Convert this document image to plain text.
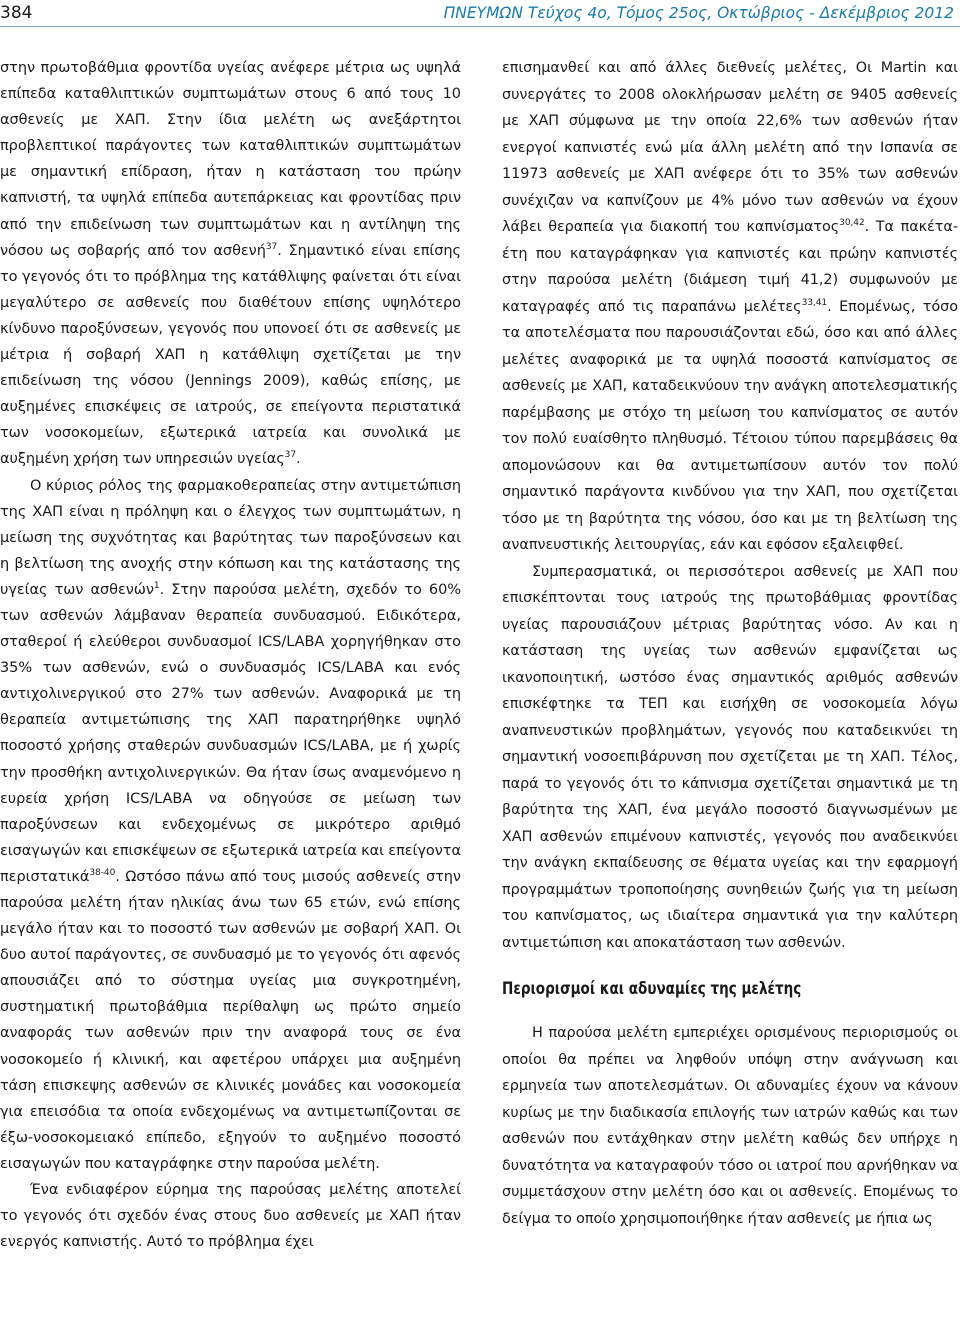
384	ΠΝΕΥΜΩΝ Τεύχος 4ο, Τόμος 25ος, Οκτώβριος - Δεκέμβριος 2012

στην πρωτοβάθμια φροντίδα υγείας ανέφερε μέτρια ως υψηλά επίπεδα καταθλιπτικών συμπτωμάτων στους 6 από τους 10 ασθενείς με ΧΑΠ. Στην ίδια μελέτη ως ανεξάρτητοι προβλεπτικοί παράγοντες των καταθλιπτικών συμπτωμάτων με σημαντική επίδραση, ήταν η κατάσταση του πρώην καπνιστή, τα υψηλά επίπεδα αυτεπάρκειας και φροντίδας πριν από την επιδείνωση των συμπτωμάτων και η αντίληψη της νόσου ως σοβαρής από τον ασθενή$^{37}$. Σημαντικό είναι επίσης το γεγονός ότι το πρόβλημα της κατάθλιψης φαίνεται ότι είναι μεγαλύτερο σε ασθενείς που διαθέτουν επίσης υψηλότερο κίνδυνο παροξύνσεων, γεγονός που υπονοεί ότι σε ασθενείς με μέτρια ή σοβαρή ΧΑΠ η κατάθλιψη σχετίζεται με την επιδείνωση της νόσου (Jennings 2009), καθώς επίσης, με αυξημένες επισκέψεις σε ιατρούς, σε επείγοντα περιστατικά των νοσοκομείων, εξωτερικά ιατρεία και συνολικά με αυξημένη χρήση των υπηρεσιών υγείας$^{37}$.

Ο κύριος ρόλος της φαρμακοθεραπείας στην αντιμετώπιση της ΧΑΠ είναι η πρόληψη και ο έλεγχος των συμπτωμάτων, η μείωση της συχνότητας και βαρύτητας των παροξύνσεων και η βελτίωση της ανοχής στην κόπωση και της κατάστασης της υγείας των ασθενών$^1$. Στην παρούσα μελέτη, σχεδόν το 60% των ασθενών λάμβαναν θεραπεία συνδυασμού. Ειδικότερα, σταθεροί ή ελεύθεροι συνδυασμοί ICS/LABA χορηγήθηκαν στο 35% των ασθενών, ενώ ο συνδυασμός ICS/LABA και ενός αντιχολινεργικού στο 27% των ασθενών. Αναφορικά με τη θεραπεία αντιμετώπισης της ΧΑΠ παρατηρήθηκε υψηλό ποσοστό χρήσης σταθερών συνδυασμών ICS/LABA, με ή χωρίς την προσθήκη αντιχολινεργικών. Θα ήταν ίσως αναμενόμενο η ευρεία χρήση ICS/LABA να οδηγούσε σε μείωση των παροξύνσεων και ενδεχομένως σε μικρότερο αριθμό εισαγωγών και επισκέψεων σε εξωτερικά ιατρεία και επείγοντα περιστατικά$^{38-40}$. Ωστόσο πάνω από τους μισούς ασθενείς στην παρούσα μελέτη ήταν ηλικίας άνω των 65 ετών, ενώ επίσης μεγάλο ήταν και το ποσοστό των ασθενών με σοβαρή ΧΑΠ. Οι δυο αυτοί παράγοντες, σε συνδυασμό με το γεγονός ότι αφενός απουσιάζει από το σύστημα υγείας μια συγκροτημένη, συστηματική πρωτοβάθμια περίθαλψη ως πρώτο σημείο αναφοράς των ασθενών πριν την αναφορά τους σε ένα νοσοκομείο ή κλινική, και αφετέρου υπάρχει μια αυξημένη τάση επισκεψης ασθενών σε κλινικές μονάδες και νοσοκομεία για επεισόδια τα οποία ενδεχομένως να αντιμετωπίζονται σε έξω-νοσοκομειακό επίπεδο, εξηγούν το αυξημένο ποσοστό εισαγωγών που καταγράφηκε στην παρούσα μελέτη.

Ένα ενδιαφέρον εύρημα της παρούσας μελέτης αποτελεί το γεγονός ότι σχεδόν ένας στους δυο ασθενείς με ΧΑΠ ήταν ενεργός καπνιστής. Αυτό το πρόβλημα έχει

επισημανθεί και από άλλες διεθνείς μελέτες, Οι Martin και συνεργάτες το 2008 ολοκλήρωσαν μελέτη σε 9405 ασθενείς με ΧΑΠ σύμφωνα με την οποία 22,6% των ασθενών ήταν ενεργοί καπνιστές ενώ μία άλλη μελέτη από την Ισπανία σε 11973 ασθενείς με ΧΑΠ ανέφερε ότι το 35% των ασθενών συνέχιζαν να καπνίζουν με 4% μόνο των ασθενών να έχουν λάβει θεραπεία για διακοπή του καπνίσματος$^{30,42}$. Τα πακέτα-έτη που καταγράφηκαν για καπνιστές και πρώην καπνιστές στην παρούσα μελέτη (διάμεση τιμή 41,2) συμφωνούν με καταγραφές από τις παραπάνω μελέτες$^{33,41}$. Επομένως, τόσο τα αποτελέσματα που παρουσιάζονται εδώ, όσο και από άλλες μελέτες αναφορικά με τα υψηλά ποσοστά καπνίσματος σε ασθενείς με ΧΑΠ, καταδεικνύουν την ανάγκη αποτελεσματικής παρέμβασης με στόχο τη μείωση του καπνίσματος σε αυτόν τον πολύ ευαίσθητο πληθυσμό. Τέτοιου τύπου παρεμβάσεις θα απομονώσουν και θα αντιμετωπίσουν αυτόν τον πολύ σημαντικό παράγοντα κινδύνου για την ΧΑΠ, που σχετίζεται τόσο με τη βαρύτητα της νόσου, όσο και με τη βελτίωση της αναπνευστικής λειτουργίας, εάν και εφόσον εξαλειφθεί.

Συμπερασματικά, οι περισσότεροι ασθενείς με ΧΑΠ που επισκέπτονται τους ιατρούς της πρωτοβάθμιας φροντίδας υγείας παρουσιάζουν μέτριας βαρύτητας νόσο. Αν και η κατάσταση της υγείας των ασθενών εμφανίζεται ως ικανοποιητική, ωστόσο ένας σημαντικός αριθμός ασθενών επισκέφτηκε τα ΤΕΠ και εισήχθη σε νοσοκομεία λόγω αναπνευστικών προβλημάτων, γεγονός που καταδεικνύει τη σημαντική νοσοεπιβάρυνση που σχετίζεται με τη ΧΑΠ. Τέλος, παρά το γεγονός ότι το κάπνισμα σχετίζεται σημαντικά με τη βαρύτητα της ΧΑΠ, ένα μεγάλο ποσοστό διαγνωσμένων με ΧΑΠ ασθενών επιμένουν καπνιστές, γεγονός που αναδεικνύει την ανάγκη εκπαίδευσης σε θέματα υγείας και την εφαρμογή προγραμμάτων τροποποίησης συνηθειών ζωής για τη μείωση του καπνίσματος, ως ιδιαίτερα σημαντικά για την καλύτερη αντιμετώπιση και αποκατάσταση των ασθενών.

Περιορισμοί και αδυναμίες της μελέτης

Η παρούσα μελέτη εμπεριέχει ορισμένους περιορισμούς οι οποίοι θα πρέπει να ληφθούν υπόψη στην ανάγνωση και ερμηνεία των αποτελεσμάτων. Οι αδυναμίες έχουν να κάνουν κυρίως με την διαδικασία επιλογής των ιατρών καθώς και των ασθενών που εντάχθηκαν στην μελέτη καθώς δεν υπήρχε η δυνατότητα να καταγραφούν τόσο οι ιατροί που αρνήθηκαν να συμμετάσχουν στην μελέτη όσο και οι ασθενείς. Επομένως το δείγμα το οποίο χρησιμοποιήθηκε ήταν ασθενείς με ήπια ως
